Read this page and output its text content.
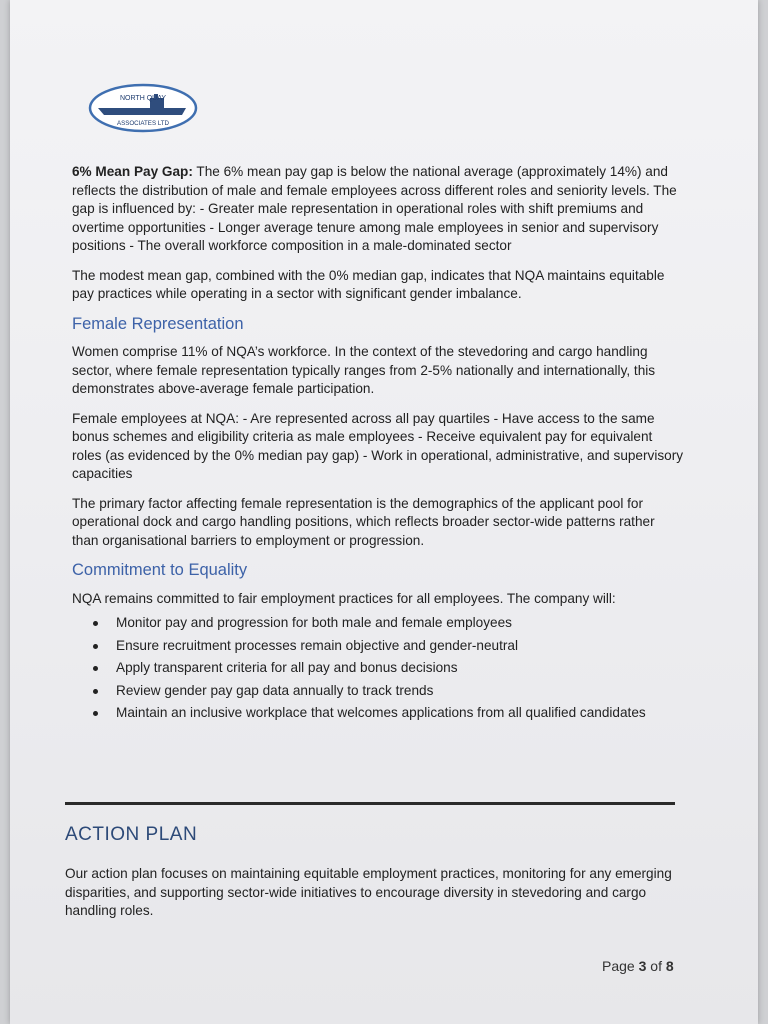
NORTH QUAY
ASSOCIATES LTD

6% Mean Pay Gap: The 6% mean pay gap is below the national average (approximately 14%) and reflects the distribution of male and female employees across different roles and seniority levels. The gap is influenced by: - Greater male representation in operational roles with shift premiums and overtime opportunities - Longer average tenure among male employees in senior and supervisory positions - The overall workforce composition in a male-dominated sector

The modest mean gap, combined with the 0% median gap, indicates that NQA maintains equitable pay practices while operating in a sector with significant gender imbalance.

Female Representation

Women comprise 11% of NQA’s workforce. In the context of the stevedoring and cargo handling sector, where female representation typically ranges from 2-5% nationally and internationally, this demonstrates above-average female participation.

Female employees at NQA: - Are represented across all pay quartiles - Have access to the same bonus schemes and eligibility criteria as male employees - Receive equivalent pay for equivalent roles (as evidenced by the 0% median pay gap) - Work in operational, administrative, and supervisory capacities

The primary factor affecting female representation is the demographics of the applicant pool for operational dock and cargo handling positions, which reflects broader sector-wide patterns rather than organisational barriers to employment or progression.

Commitment to Equality

NQA remains committed to fair employment practices for all employees. The company will:

Monitor pay and progression for both male and female employees
Ensure recruitment processes remain objective and gender-neutral
Apply transparent criteria for all pay and bonus decisions
Review gender pay gap data annually to track trends
Maintain an inclusive workplace that welcomes applications from all qualified candidates
ACTION PLAN

Our action plan focuses on maintaining equitable employment practices, monitoring for any emerging disparities, and supporting sector-wide initiatives to encourage diversity in stevedoring and cargo handling roles.

Page 3 of 8
